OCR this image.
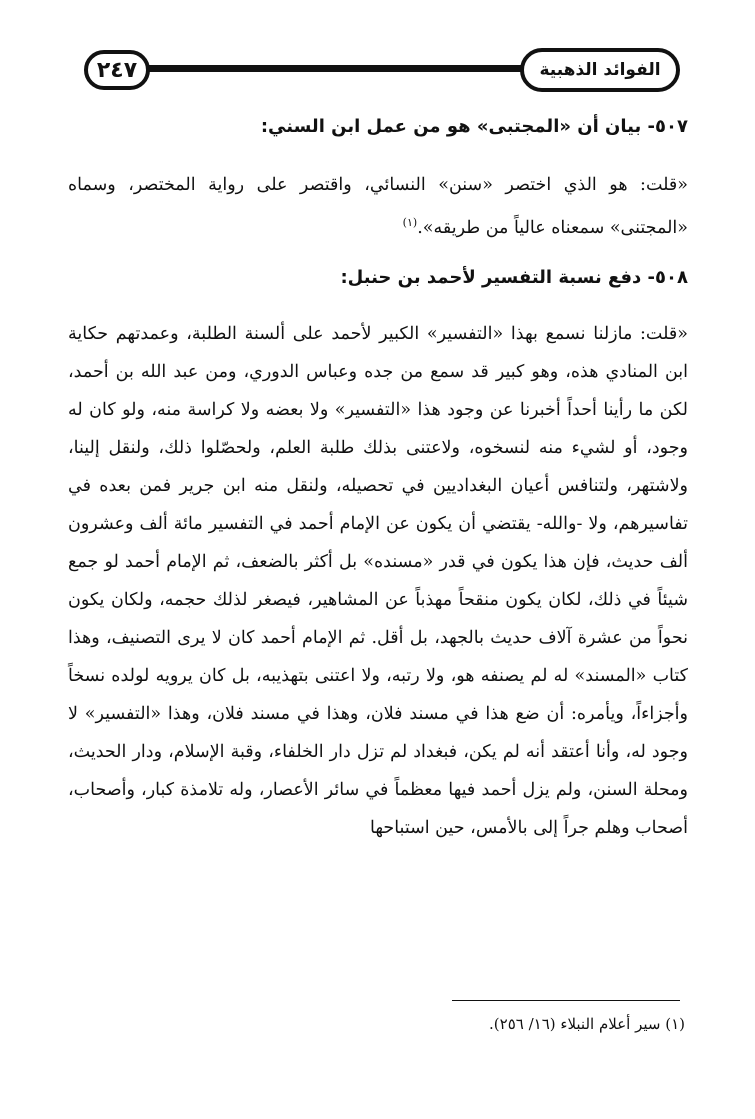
٢٤٧	الفوائد الذهبية
٥٠٧- بيان أن «المجتبى» هو من عمل ابن السني:

«قلت: هو الذي اختصر «سنن» النسائي، واقتصر على رواية المختصر، وسماه «المجتنى» سمعناه عالياً من طريقه».$^{(١)}$

٥٠٨- دفع نسبة التفسير لأحمد بن حنبل:

«قلت: مازلنا نسمع بهذا «التفسير» الكبير لأحمد على ألسنة الطلبة، وعمدتهم حكاية ابن المنادي هذه، وهو كبير قد سمع من جده وعباس الدوري، ومن عبد الله بن أحمد، لكن ما رأينا أحداً أخبرنا عن وجود هذا «التفسير» ولا بعضه ولا كراسة منه، ولو كان له وجود، أو لشيء منه لنسخوه، ولاعتنى بذلك طلبة العلم، ولحصّلوا ذلك، ولنقل إلينا، ولاشتهر، ولتنافس أعيان البغداديين في تحصيله، ولنقل منه ابن جرير فمن بعده في تفاسيرهم، ولا -والله- يقتضي أن يكون عن الإمام أحمد في التفسير مائة ألف وعشرون ألف حديث، فإن هذا يكون في قدر «مسنده» بل أكثر بالضعف، ثم الإمام أحمد لو جمع شيئاً في ذلك، لكان يكون منقحاً مهذباً عن المشاهير، فيصغر لذلك حجمه، ولكان يكون نحواً من عشرة آلاف حديث بالجهد، بل أقل. ثم الإمام أحمد كان لا يرى التصنيف، وهذا كتاب «المسند» له لم يصنفه هو، ولا رتبه، ولا اعتنى بتهذيبه، بل كان يرويه لولده نسخاً وأجزاءاً، ويأمره: أن ضع هذا في مسند فلان، وهذا في مسند فلان، وهذا «التفسير» لا وجود له، وأنا أعتقد أنه لم يكن، فبغداد لم تزل دار الخلفاء، وقبة الإسلام، ودار الحديث، ومحلة السنن، ولم يزل أحمد فيها معظماً في سائر الأعصار، وله تلامذة كبار، وأصحاب، أصحاب وهلم جراً إلى بالأمس، حين استباحها

(١) سير أعلام النبلاء (١٦/ ٢٥٦).
